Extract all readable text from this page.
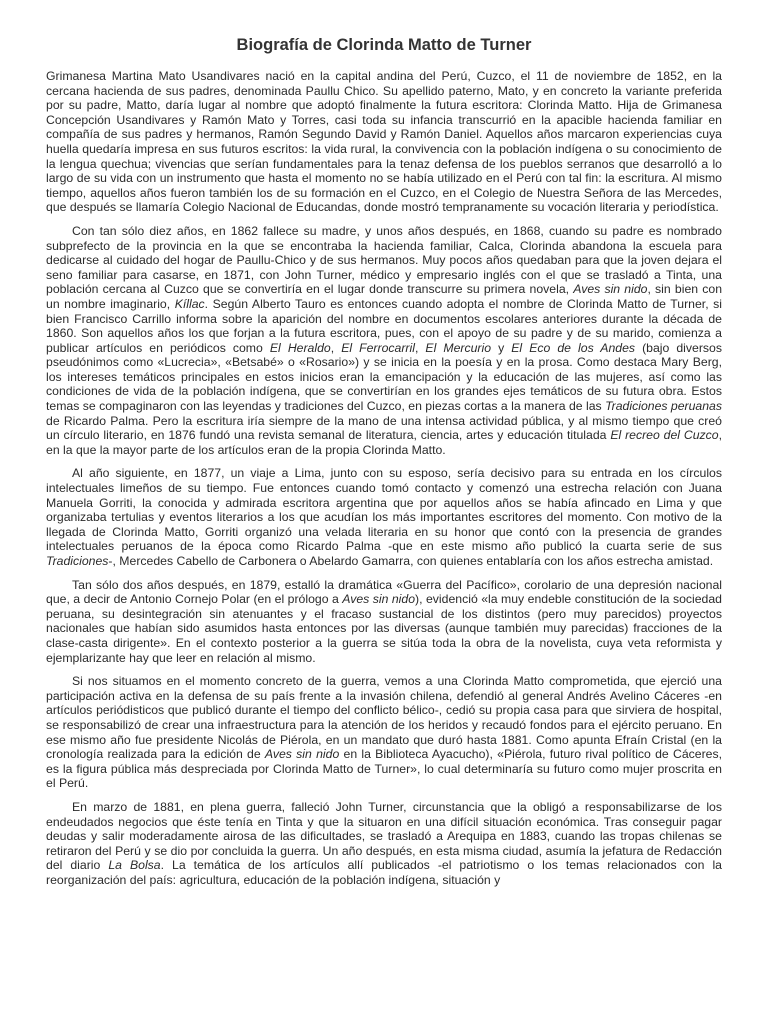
Biografía de Clorinda Matto de Turner

Grimanesa Martina Mato Usandivares nació en la capital andina del Perú, Cuzco, el 11 de noviembre de 1852, en la cercana hacienda de sus padres, denominada Paullu Chico. Su apellido paterno, Mato, y en concreto la variante preferida por su padre, Matto, daría lugar al nombre que adoptó finalmente la futura escritora: Clorinda Matto. Hija de Grimanesa Concepción Usandivares y Ramón Mato y Torres, casi toda su infancia transcurrió en la apacible hacienda familiar en compañía de sus padres y hermanos, Ramón Segundo David y Ramón Daniel. Aquellos años marcaron experiencias cuya huella quedaría impresa en sus futuros escritos: la vida rural, la convivencia con la población indígena o su conocimiento de la lengua quechua; vivencias que serían fundamentales para la tenaz defensa de los pueblos serranos que desarrolló a lo largo de su vida con un instrumento que hasta el momento no se había utilizado en el Perú con tal fin: la escritura. Al mismo tiempo, aquellos años fueron también los de su formación en el Cuzco, en el Colegio de Nuestra Señora de las Mercedes, que después se llamaría Colegio Nacional de Educandas, donde mostró tempranamente su vocación literaria y periodística.

Con tan sólo diez años, en 1862 fallece su madre, y unos años después, en 1868, cuando su padre es nombrado subprefecto de la provincia en la que se encontraba la hacienda familiar, Calca, Clorinda abandona la escuela para dedicarse al cuidado del hogar de Paullu-Chico y de sus hermanos. Muy pocos años quedaban para que la joven dejara el seno familiar para casarse, en 1871, con John Turner, médico y empresario inglés con el que se trasladó a Tinta, una población cercana al Cuzco que se convertiría en el lugar donde transcurre su primera novela, Aves sin nido, sin bien con un nombre imaginario, Kíllac. Según Alberto Tauro es entonces cuando adopta el nombre de Clorinda Matto de Turner, si bien Francisco Carrillo informa sobre la aparición del nombre en documentos escolares anteriores durante la década de 1860. Son aquellos años los que forjan a la futura escritora, pues, con el apoyo de su padre y de su marido, comienza a publicar artículos en periódicos como El Heraldo, El Ferrocarril, El Mercurio y El Eco de los Andes (bajo diversos pseudónimos como «Lucrecia», «Betsabé» o «Rosario») y se inicia en la poesía y en la prosa. Como destaca Mary Berg, los intereses temáticos principales en estos inicios eran la emancipación y la educación de las mujeres, así como las condiciones de vida de la población indígena, que se convertirían en los grandes ejes temáticos de su futura obra. Estos temas se compaginaron con las leyendas y tradiciones del Cuzco, en piezas cortas a la manera de las Tradiciones peruanas de Ricardo Palma. Pero la escritura iría siempre de la mano de una intensa actividad pública, y al mismo tiempo que creó un círculo literario, en 1876 fundó una revista semanal de literatura, ciencia, artes y educación titulada El recreo del Cuzco, en la que la mayor parte de los artículos eran de la propia Clorinda Matto.

Al año siguiente, en 1877, un viaje a Lima, junto con su esposo, sería decisivo para su entrada en los círculos intelectuales limeños de su tiempo. Fue entonces cuando tomó contacto y comenzó una estrecha relación con Juana Manuela Gorriti, la conocida y admirada escritora argentina que por aquellos años se había afincado en Lima y que organizaba tertulias y eventos literarios a los que acudían los más importantes escritores del momento. Con motivo de la llegada de Clorinda Matto, Gorriti organizó una velada literaria en su honor que contó con la presencia de grandes intelectuales peruanos de la época como Ricardo Palma -que en este mismo año publicó la cuarta serie de sus Tradiciones-, Mercedes Cabello de Carbonera o Abelardo Gamarra, con quienes entablaría con los años estrecha amistad.

Tan sólo dos años después, en 1879, estalló la dramática «Guerra del Pacífico», corolario de una depresión nacional que, a decir de Antonio Cornejo Polar (en el prólogo a Aves sin nido), evidenció «la muy endeble constitución de la sociedad peruana, su desintegración sin atenuantes y el fracaso sustancial de los distintos (pero muy parecidos) proyectos nacionales que habían sido asumidos hasta entonces por las diversas (aunque también muy parecidas) fracciones de la clase-casta dirigente». En el contexto posterior a la guerra se sitúa toda la obra de la novelista, cuya veta reformista y ejemplarizante hay que leer en relación al mismo.

Si nos situamos en el momento concreto de la guerra, vemos a una Clorinda Matto comprometida, que ejerció una participación activa en la defensa de su país frente a la invasión chilena, defendió al general Andrés Avelino Cáceres -en artículos periódisticos que publicó durante el tiempo del conflicto bélico-, cedió su propia casa para que sirviera de hospital, se responsabilizó de crear una infraestructura para la atención de los heridos y recaudó fondos para el ejército peruano. En ese mismo año fue presidente Nicolás de Piérola, en un mandato que duró hasta 1881. Como apunta Efraín Cristal (en la cronología realizada para la edición de Aves sin nido en la Biblioteca Ayacucho), «Piérola, futuro rival político de Cáceres, es la figura pública más despreciada por Clorinda Matto de Turner», lo cual determinaría su futuro como mujer proscrita en el Perú.

En marzo de 1881, en plena guerra, falleció John Turner, circunstancia que la obligó a responsabilizarse de los endeudados negocios que éste tenía en Tinta y que la situaron en una difícil situación económica. Tras conseguir pagar deudas y salir moderadamente airosa de las dificultades, se trasladó a Arequipa en 1883, cuando las tropas chilenas se retiraron del Perú y se dio por concluida la guerra. Un año después, en esta misma ciudad, asumía la jefatura de Redacción del diario La Bolsa. La temática de los artículos allí publicados -el patriotismo o los temas relacionados con la reorganización del país: agricultura, educación de la población indígena, situación y
